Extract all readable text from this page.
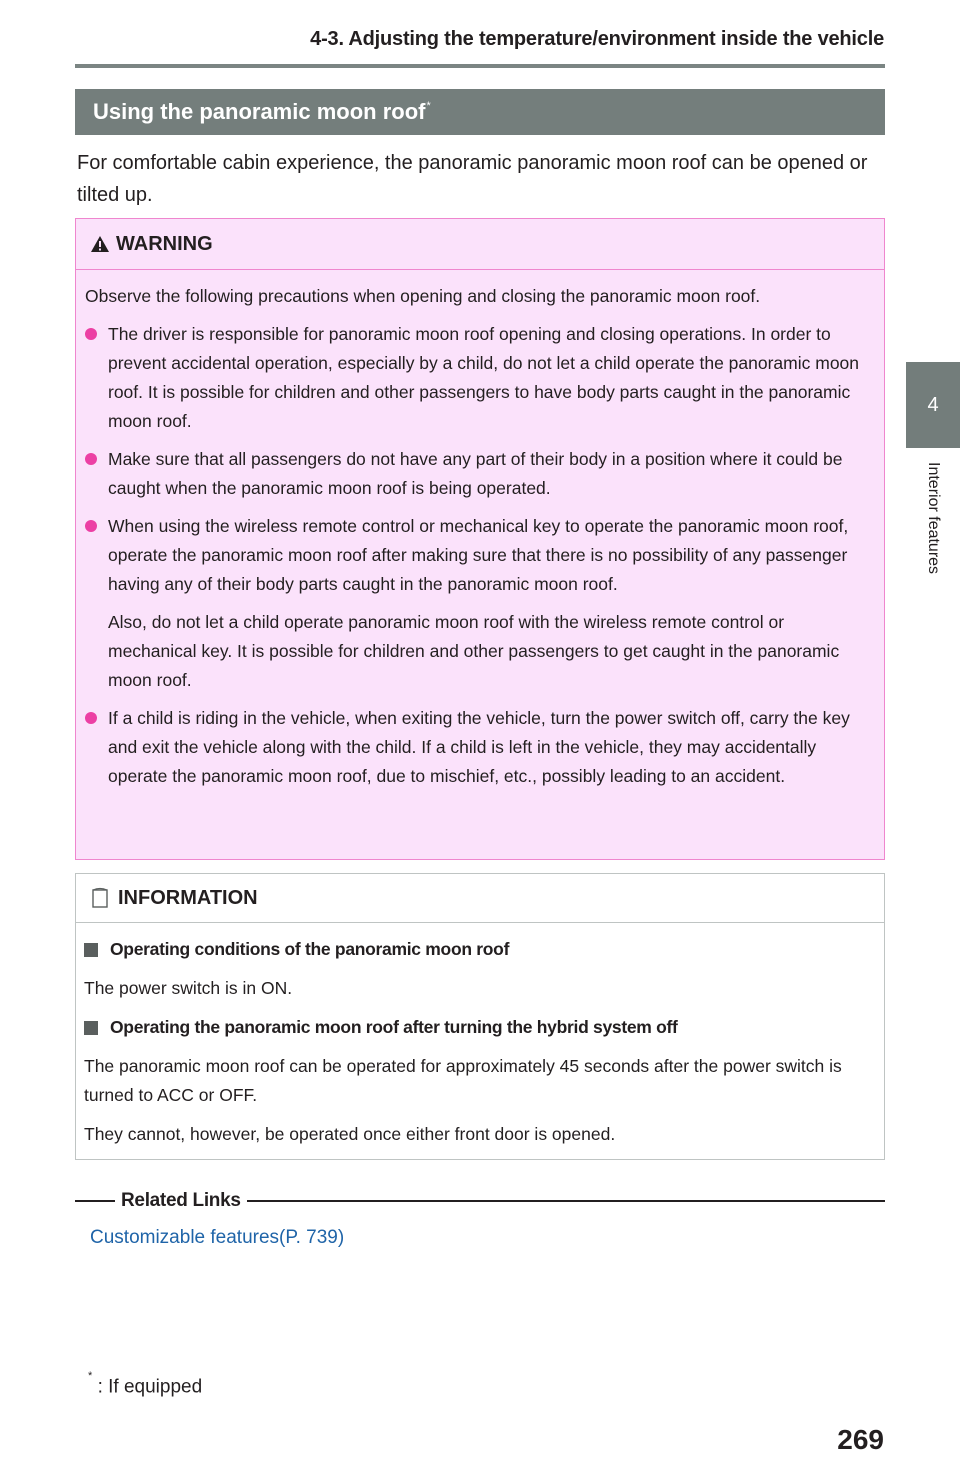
4-3. Adjusting the temperature/environment inside the vehicle
4
Interior features
Using the panoramic moon roof*
For comfortable cabin experience, the panoramic panoramic moon roof can be opened or tilted up.
WARNING

Observe the following precautions when opening and closing the panoramic moon roof.

The driver is responsible for panoramic moon roof opening and closing operations. In order to prevent accidental operation, especially by a child, do not let a child operate the panoramic moon roof. It is possible for children and other passengers to have body parts caught in the panoramic moon roof.
Make sure that all passengers do not have any part of their body in a position where it could be caught when the panoramic moon roof is being operated.
When using the wireless remote control or mechanical key to operate the panoramic moon roof, operate the panoramic moon roof after making sure that there is no possibility of any passenger having any of their body parts caught in the panoramic moon roof.
Also, do not let a child operate panoramic moon roof with the wireless remote control or mechanical key. It is possible for children and other passengers to get caught in the panoramic moon roof.
If a child is riding in the vehicle, when exiting the vehicle, turn the power switch off, carry the key and exit the vehicle along with the child. If a child is left in the vehicle, they may accidentally operate the panoramic moon roof, due to mischief, etc., possibly leading to an accident.
INFORMATION
Operating conditions of the panoramic moon roof

The power switch is in ON.

Operating the panoramic moon roof after turning the hybrid system off

The panoramic moon roof can be operated for approximately 45 seconds after the power switch is turned to ACC or OFF.

They cannot, however, be operated once either front door is opened.

Related Links
Customizable features(P. 739)
* : If equipped
269
